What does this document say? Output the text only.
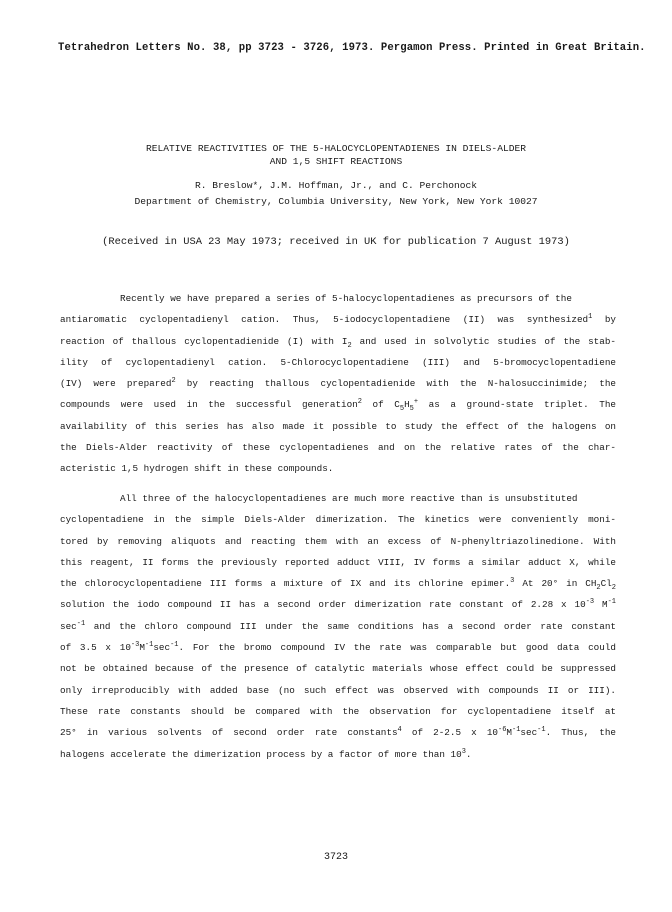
Tetrahedron Letters No. 38, pp 3723 - 3726, 1973. Pergamon Press. Printed in Great Britain.
RELATIVE REACTIVITIES OF THE 5-HALOCYCLOPENTADIENES IN DIELS-ALDER
AND 1,5 SHIFT REACTIONS
R. Breslow*, J.M. Hoffman, Jr., and C. Perchonock
Department of Chemistry, Columbia University, New York, New York 10027
(Received in USA 23 May 1973; received in UK for publication 7 August 1973)
Recently we have prepared a series of 5-halocyclopentadienes as precursors of the
antiaromatic cyclopentadienyl cation. Thus, 5-iodocyclopentadiene (II) was synthesized$^1$ by
reaction of thallous cyclopentadienide (I) with $I_2$ and used in solvolytic studies of the stab-
ility of cyclopentadienyl cation. 5-Chlorocyclopentadiene (III) and 5-bromocyclopentadiene
(IV) were prepared$^2$ by reacting thallous cyclopentadienide with the N-halosuccinimide; the
compounds were used in the successful generation$^2$ of $C_5H_5^+$ as a ground-state triplet. The
availability of this series has also made it possible to study the effect of the halogens on
the Diels-Alder reactivity of these cyclopentadienes and on the relative rates of the char-
acteristic 1,5 hydrogen shift in these compounds.
All three of the halocyclopentadienes are much more reactive than is unsubstituted
cyclopentadiene in the simple Diels-Alder dimerization. The kinetics were conveniently moni-
tored by removing aliquots and reacting them with an excess of N-phenyltriazolinedione. With
this reagent, II forms the previously reported adduct VIII, IV forms a similar adduct X, while
the chlorocyclopentadiene III forms a mixture of IX and its chlorine epimer.$^3$ At 20° in $CH_2Cl_2$
solution the iodo compound II has a second order dimerization rate constant of 2.28 x $10^{-3}$ $M^{-1}$
$\sec^{-1}$ and the chloro compound III under the same conditions has a second order rate constant
of 3.5 x $10^{-3}M^{-1}\sec^{-1}$. For the bromo compound IV the rate was comparable but good data could
not be obtained because of the presence of catalytic materials whose effect could be suppressed
only irreproducibly with added base (no such effect was observed with compounds II or III).
These rate constants should be compared with the observation for cyclopentadiene itself at
25° in various solvents of second order rate constants$^4$ of 2-2.5 x $10^{-6}M^{-1}\sec^{-1}$. Thus, the
halogens accelerate the dimerization process by a factor of more than $10^3$.
3723
